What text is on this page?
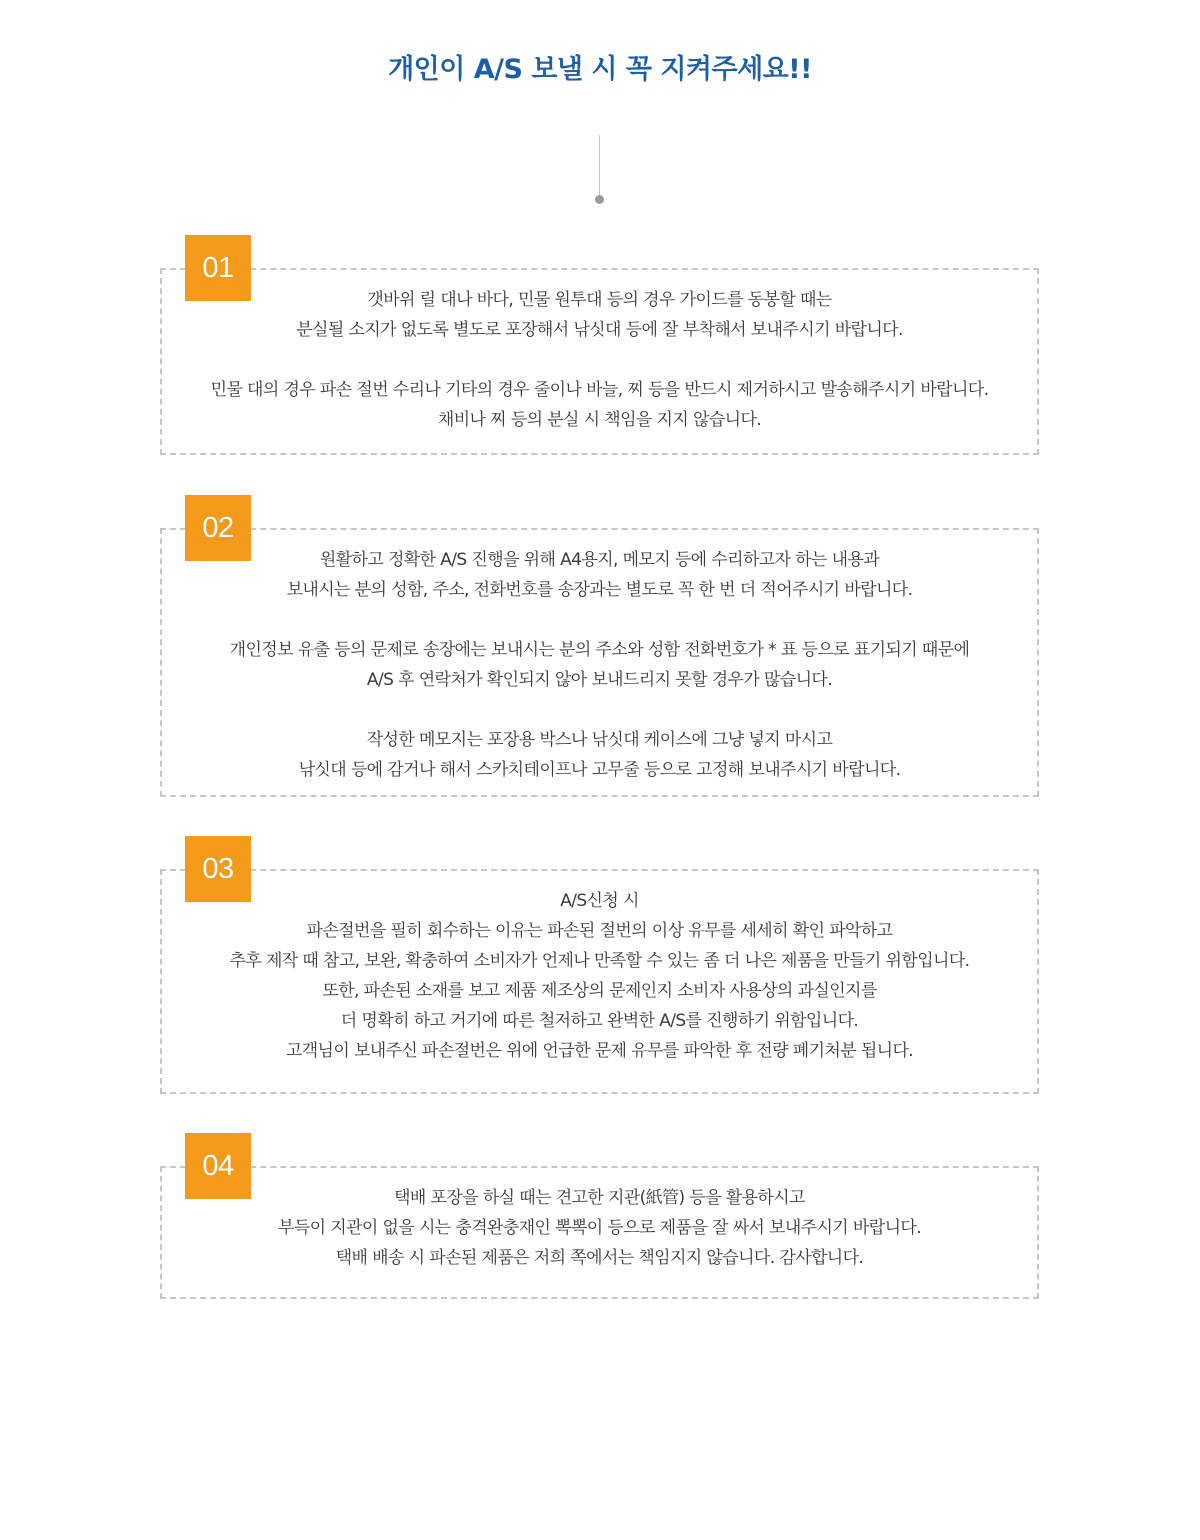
개인이 A/S 보낼 시 꼭 지켜주세요!!
01
갯바위 릴 대나 바다, 민물 원투대 등의 경우 가이드를 동봉할 때는
분실될 소지가 없도록 별도로 포장해서 낚싯대 등에 잘 부착해서 보내주시기 바랍니다.
민물 대의 경우 파손 절번 수리나 기타의 경우 줄이나 바늘, 찌 등을 반드시 제거하시고 발송해주시기 바랍니다.
채비나 찌 등의 분실 시 책임을 지지 않습니다.
02
원활하고 정확한 A/S 진행을 위해 A4용지, 메모지 등에 수리하고자 하는 내용과
보내시는 분의 성함, 주소, 전화번호를 송장과는 별도로 꼭 한 번 더 적어주시기 바랍니다.
개인정보 유출 등의 문제로 송장에는 보내시는 분의 주소와 성함 전화번호가 * 표 등으로 표기되기 때문에
A/S 후 연락처가 확인되지 않아 보내드리지 못할 경우가 많습니다.
작성한 메모지는 포장용 박스나 낚싯대 케이스에 그냥 넣지 마시고
낚싯대 등에 감거나 해서 스카치테이프나 고무줄 등으로 고정해 보내주시기 바랍니다.
03
A/S신청 시
파손절번을 필히 회수하는 이유는 파손된 절번의 이상 유무를 세세히 확인 파악하고
추후 제작 때 참고, 보완, 확충하여 소비자가 언제나 만족할 수 있는 좀 더 나은 제품을 만들기 위함입니다.
또한, 파손된 소재를 보고 제품 제조상의 문제인지 소비자 사용상의 과실인지를
더 명확히 하고 거기에 따른 철저하고 완벽한 A/S를 진행하기 위함입니다.
고객님이 보내주신 파손절번은 위에 언급한 문제 유무를 파악한 후 전량 폐기처분 됩니다.
04
택배 포장을 하실 때는 견고한 지관(紙管) 등을 활용하시고
부득이 지관이 없을 시는 충격완충재인 뽁뽁이 등으로 제품을 잘 싸서 보내주시기 바랍니다.
택배 배송 시 파손된 제품은 저희 쪽에서는 책임지지 않습니다. 감사합니다.
